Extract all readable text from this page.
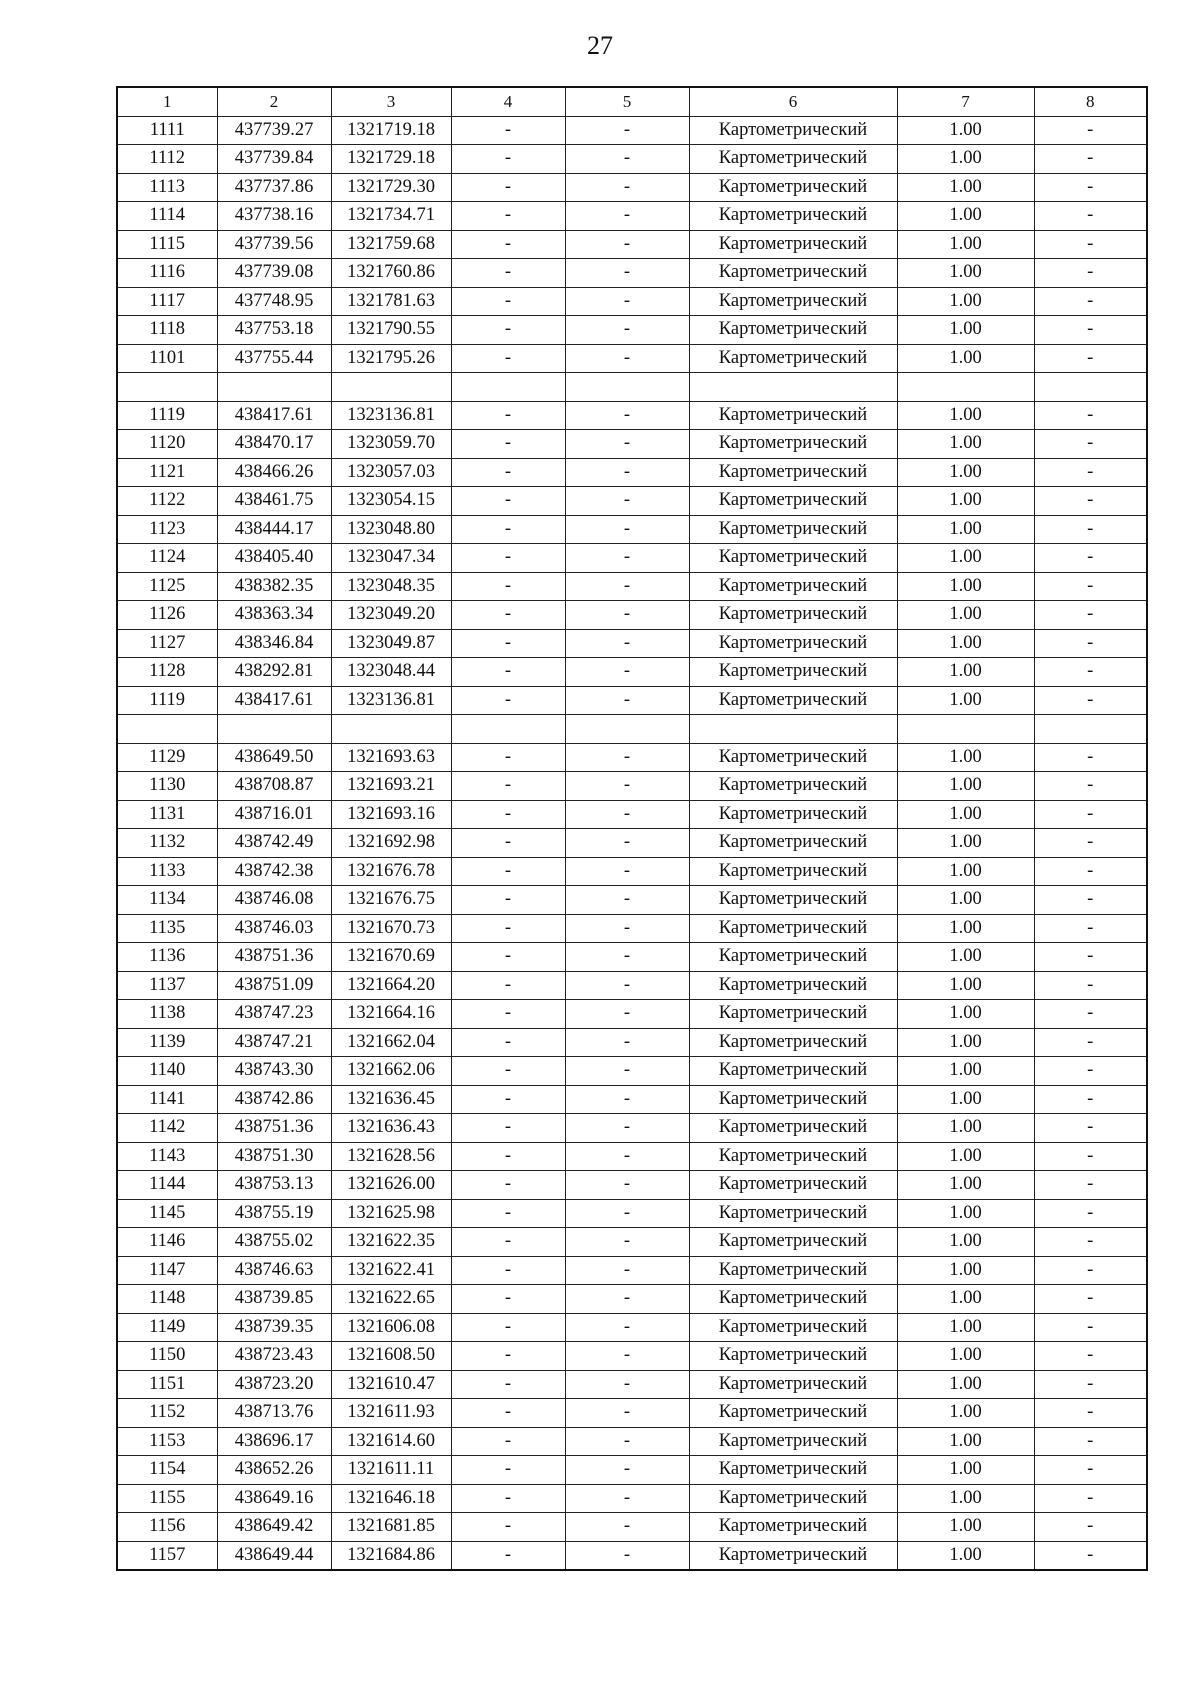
27
1	2	3	4	5	6	7	8
1111	437739.27	1321719.18	-	-	Картометрический	1.00	-
1112	437739.84	1321729.18	-	-	Картометрический	1.00	-
1113	437737.86	1321729.30	-	-	Картометрический	1.00	-
1114	437738.16	1321734.71	-	-	Картометрический	1.00	-
1115	437739.56	1321759.68	-	-	Картометрический	1.00	-
1116	437739.08	1321760.86	-	-	Картометрический	1.00	-
1117	437748.95	1321781.63	-	-	Картометрический	1.00	-
1118	437753.18	1321790.55	-	-	Картометрический	1.00	-
1101	437755.44	1321795.26	-	-	Картометрический	1.00	-

1119	438417.61	1323136.81	-	-	Картометрический	1.00	-
1120	438470.17	1323059.70	-	-	Картометрический	1.00	-
1121	438466.26	1323057.03	-	-	Картометрический	1.00	-
1122	438461.75	1323054.15	-	-	Картометрический	1.00	-
1123	438444.17	1323048.80	-	-	Картометрический	1.00	-
1124	438405.40	1323047.34	-	-	Картометрический	1.00	-
1125	438382.35	1323048.35	-	-	Картометрический	1.00	-
1126	438363.34	1323049.20	-	-	Картометрический	1.00	-
1127	438346.84	1323049.87	-	-	Картометрический	1.00	-
1128	438292.81	1323048.44	-	-	Картометрический	1.00	-
1119	438417.61	1323136.81	-	-	Картометрический	1.00	-

1129	438649.50	1321693.63	-	-	Картометрический	1.00	-
1130	438708.87	1321693.21	-	-	Картометрический	1.00	-
1131	438716.01	1321693.16	-	-	Картометрический	1.00	-
1132	438742.49	1321692.98	-	-	Картометрический	1.00	-
1133	438742.38	1321676.78	-	-	Картометрический	1.00	-
1134	438746.08	1321676.75	-	-	Картометрический	1.00	-
1135	438746.03	1321670.73	-	-	Картометрический	1.00	-
1136	438751.36	1321670.69	-	-	Картометрический	1.00	-
1137	438751.09	1321664.20	-	-	Картометрический	1.00	-
1138	438747.23	1321664.16	-	-	Картометрический	1.00	-
1139	438747.21	1321662.04	-	-	Картометрический	1.00	-
1140	438743.30	1321662.06	-	-	Картометрический	1.00	-
1141	438742.86	1321636.45	-	-	Картометрический	1.00	-
1142	438751.36	1321636.43	-	-	Картометрический	1.00	-
1143	438751.30	1321628.56	-	-	Картометрический	1.00	-
1144	438753.13	1321626.00	-	-	Картометрический	1.00	-
1145	438755.19	1321625.98	-	-	Картометрический	1.00	-
1146	438755.02	1321622.35	-	-	Картометрический	1.00	-
1147	438746.63	1321622.41	-	-	Картометрический	1.00	-
1148	438739.85	1321622.65	-	-	Картометрический	1.00	-
1149	438739.35	1321606.08	-	-	Картометрический	1.00	-
1150	438723.43	1321608.50	-	-	Картометрический	1.00	-
1151	438723.20	1321610.47	-	-	Картометрический	1.00	-
1152	438713.76	1321611.93	-	-	Картометрический	1.00	-
1153	438696.17	1321614.60	-	-	Картометрический	1.00	-
1154	438652.26	1321611.11	-	-	Картометрический	1.00	-
1155	438649.16	1321646.18	-	-	Картометрический	1.00	-
1156	438649.42	1321681.85	-	-	Картометрический	1.00	-
1157	438649.44	1321684.86	-	-	Картометрический	1.00	-
